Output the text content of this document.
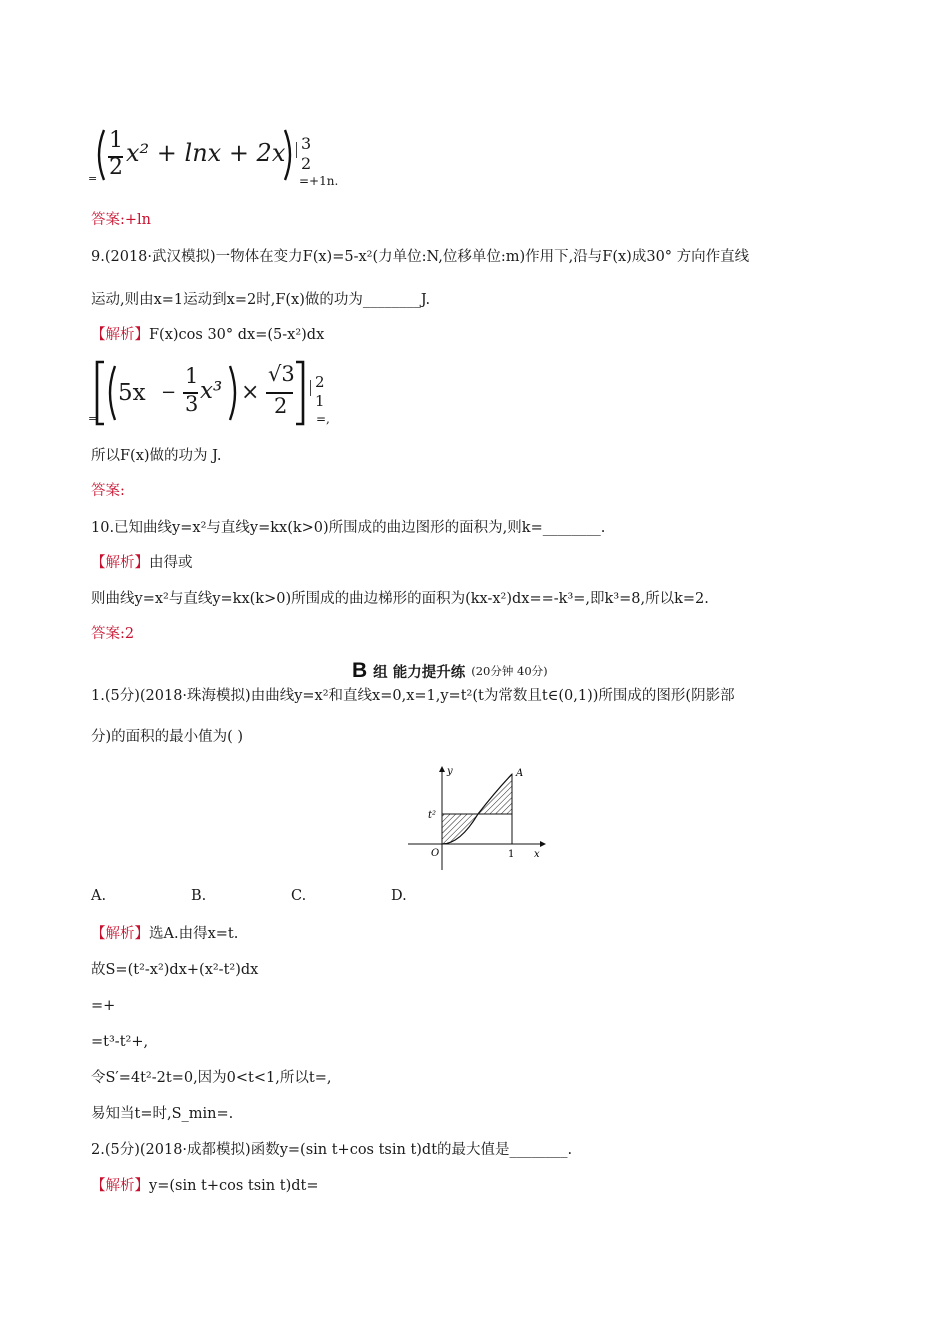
=
1
2
x² + lnx + 2x 3
2
=+1n.
答案:+ln
9.(2018·武汉模拟)一物体在变力F(x)=5-x²(力单位:N,位移单位:m)作用下,沿与F(x)成30° 方向作直线
运动,则由x=1运动到x=2时,F(x)做的功为________J.
【解析】F(x)cos 30° dx=(5-x²)dx
=
5x −
1
3 x³ ×
√3
2
2
1
=,
所以F(x)做的功为 J.
答案:
10.已知曲线y=x²与直线y=kx(k>0)所围成的曲边图形的面积为,则k=________.
【解析】由得或
则曲线y=x²与直线y=kx(k>0)所围成的曲边梯形的面积为(kx-x²)dx==-k³=,即k³=8,所以k=2.
答案:2
B 组 能力提升练 (20分钟 40分)
1.(5分)(2018·珠海模拟)由曲线y=x²和直线x=0,x=1,y=t²(t为常数且t∈(0,1))所围成的图形(阴影部
分)的面积的最小值为( )
y
x
A
t²
O	1
A.	B.	C.	D.
【解析】选A.由得x=t.
故S=(t²-x²)dx+(x²-t²)dx
=+
=t³-t²+,
令S′=4t²-2t=0,因为0<t<1,所以t=,
易知当t=时,S_min=.
2.(5分)(2018·成都模拟)函数y=(sin t+cos tsin t)dt的最大值是________.
【解析】y=(sin t+cos tsin t)dt=
